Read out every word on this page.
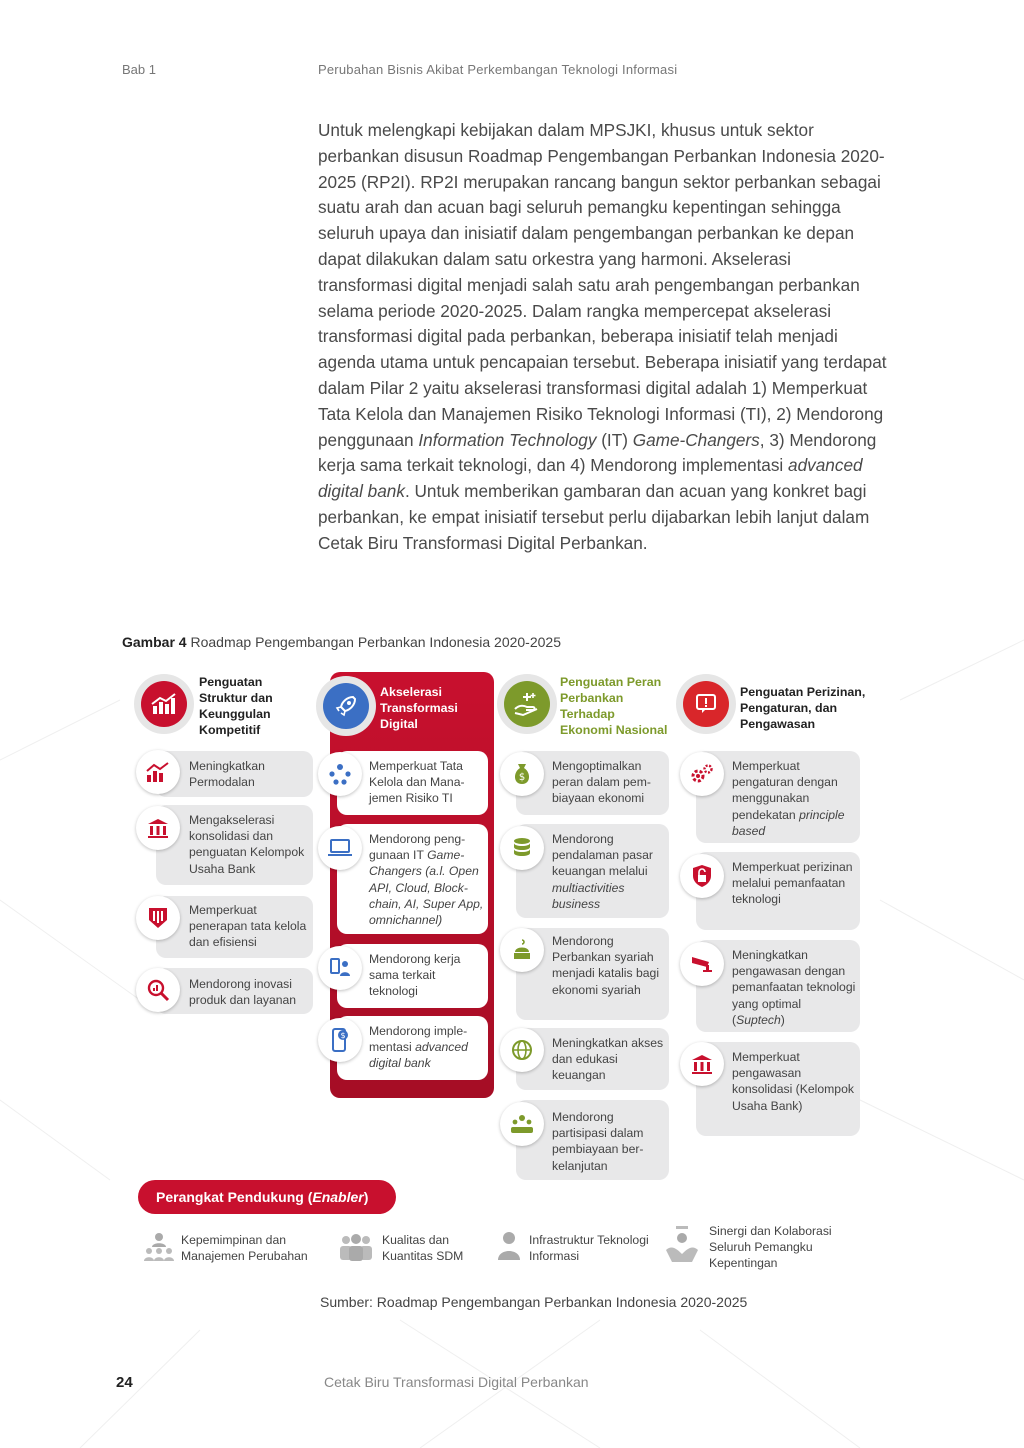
Bab 1	Perubahan Bisnis Akibat Perkembangan Teknologi Informasi

Untuk melengkapi kebijakan dalam MPSJKI, khusus untuk sektor perbankan disusun Roadmap Pengembangan Perbankan Indonesia 2020-2025 (RP2I). RP2I merupakan rancang bangun sektor perbankan sebagai suatu arah dan acuan bagi seluruh pemangku kepentingan sehingga seluruh upaya dan inisiatif dalam pengembangan perbankan ke depan dapat dilakukan dalam satu orkestra yang harmoni. Akselerasi transformasi digital menjadi salah satu arah pengembangan perbankan selama periode 2020-2025. Dalam rangka mempercepat akselerasi transformasi digital pada perbankan, beberapa inisiatif telah menjadi agenda utama untuk pencapaian tersebut. Beberapa inisiatif yang terdapat dalam Pilar 2 yaitu akselerasi transformasi digital adalah 1) Memperkuat Tata Kelola dan Manajemen Risiko Teknologi Informasi (TI), 2) Mendorong penggunaan Information Technology (IT) Game-Changers, 3) Mendorong kerja sama terkait teknologi, dan 4) Mendorong implementasi advanced digital bank. Untuk memberikan gambaran dan acuan yang konkret bagi perbankan, ke empat inisiatif tersebut perlu dijabarkan lebih lanjut dalam Cetak Biru Transformasi Digital Perbankan.

Gambar 4 Roadmap Pengembangan Perbankan Indonesia 2020-2025
Penguatan Struktur dan Keunggulan Kompetitif
Akselerasi Transformasi Digital
Penguatan Peran Perbankan Terhadap Ekonomi Nasional
Penguatan Perizinan, Pengaturan, dan Pengawasan
Meningkatkan Permodalan
Mengakselerasi konsolidasi dan penguatan Kelompok Usaha Bank
Memperkuat penerapan tata kelola dan efisiensi
Mendorong inovasi produk dan layanan
Memperkuat Tata Kelola dan Mana-jemen Risiko TI
Mendorong peng-gunaan IT Game-Changers (a.l. Open API, Cloud, Block-chain, AI, Super App, omnichannel)
Mendorong kerja sama terkait teknologi
$ Mendorong imple-mentasi advanced digital bank
$
Mengoptimalkan peran dalam pem-biayaan ekonomi
Mendorong pendalaman pasar keuangan melalui multiactivities business
Mendorong Perbankan syariah menjadi katalis bagi ekonomi syariah
Meningkatkan akses dan edukasi keuangan
Mendorong partisipasi dalam pembiayaan ber-kelanjutan
Memperkuat pengaturan dengan menggunakan pendekatan principle based
Memperkuat perizinan melalui pemanfaatan teknologi
Meningkatkan pengawasan dengan pemanfaatan teknologi yang optimal (Suptech)
Memperkuat pengawasan konsolidasi (Kelompok Usaha Bank)
Perangkat Pendukung ( Enabler )
Kepemimpinan dan Manajemen Perubahan
Kualitas dan Kuantitas SDM
Infrastruktur Teknologi Informasi
Sinergi dan Kolaborasi Seluruh Pemangku Kepentingan
Sumber: Roadmap Pengembangan Perbankan Indonesia 2020-2025
24	Cetak Biru Transformasi Digital Perbankan
